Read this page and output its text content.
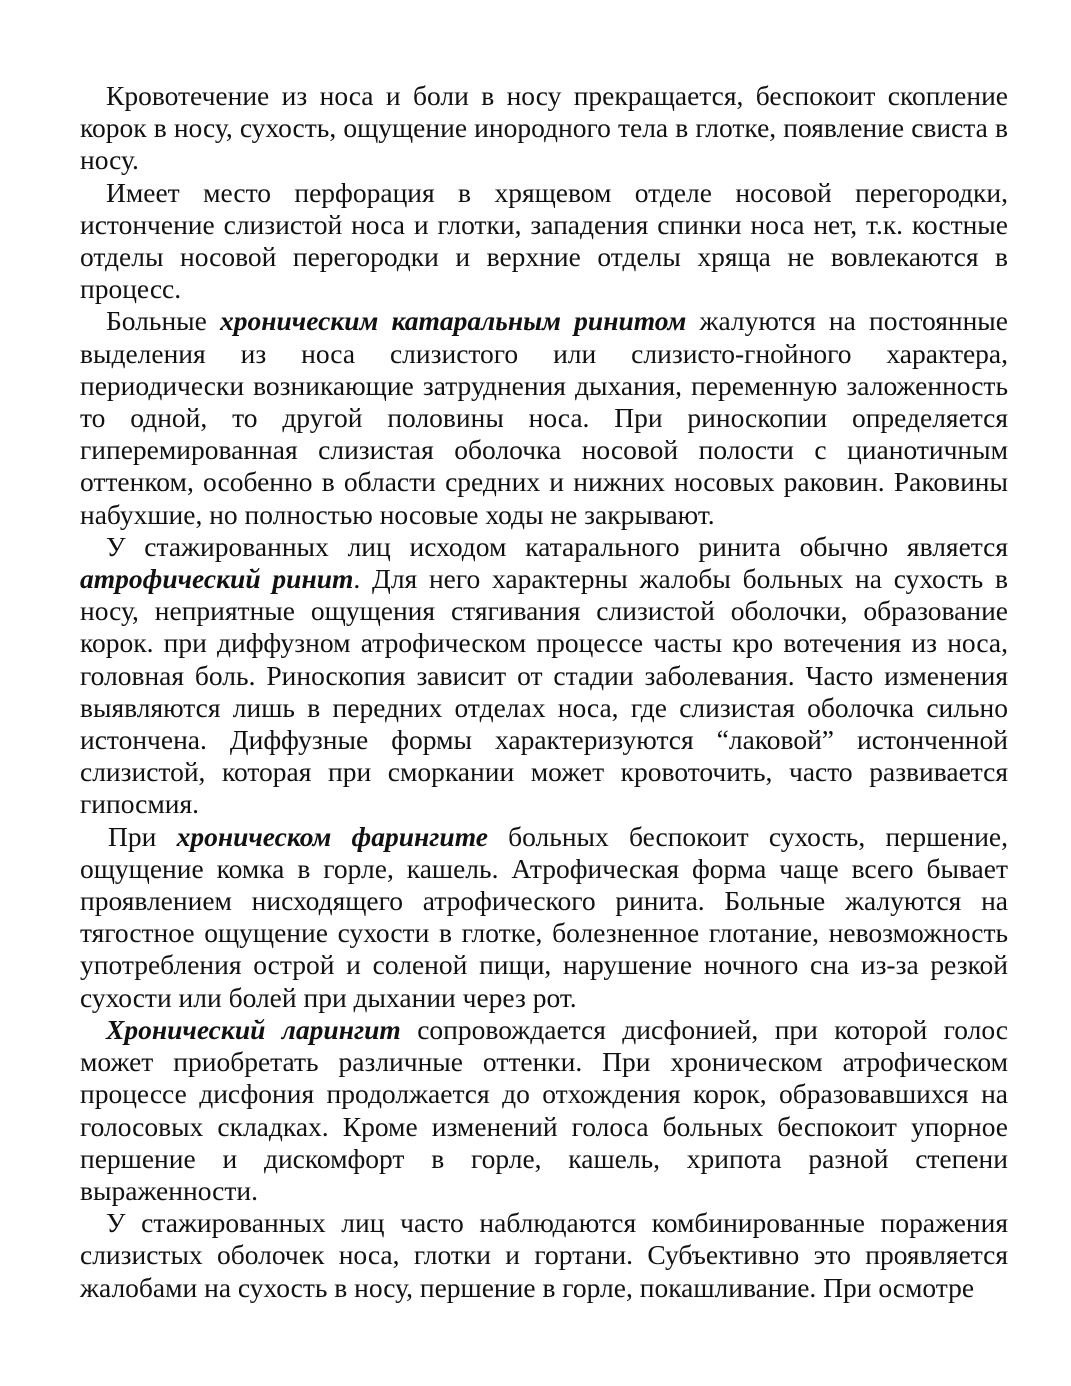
Кровотечение из носа и боли в носу прекращается, беспокоит скопление корок в носу, сухость, ощущение инородного тела в глотке, появление свиста в носу.

Имеет место перфорация в хрящевом отделе носовой перегородки, истончение слизистой носа и глотки, западения спинки носа нет, т.к. костные отделы носовой перегородки и верхние отделы хряща не вовлекаются в процесс.

Больные хроническим катаральным ринитом жалуются на постоянные выделения из носа слизистого или слизисто-гнойного характера, периодически возникающие затруднения дыхания, переменную заложенность то одной, то другой половины носа. При риноскопии определяется гиперемированная слизистая оболочка носовой полости с цианотичным оттенком, особенно в области средних и нижних носовых раковин. Раковины набухшие, но полностью носовые ходы не закрывают.

У стажированных лиц исходом катарального ринита обычно является атрофический ринит. Для него характерны жалобы больных на сухость в носу, неприятные ощущения стягивания слизистой оболочки, образование корок. при диффузном атрофическом процессе часты кро вотечения из носа, головная боль. Риноскопия зависит от стадии заболевания. Часто изменения выявляются лишь в передних отделах носа, где слизистая оболочка сильно истончена. Диффузные формы характеризуются “лаковой” истонченной слизистой, которая при сморкании может кровоточить, часто развивается гипосмия.

При хроническом фарингите больных беспокоит сухость, першение, ощущение комка в горле, кашель. Атрофическая форма чаще всего бывает проявлением нисходящего атрофического ринита. Больные жалуются на тягостное ощущение сухости в глотке, болезненное глотание, невозможность употребления острой и соленой пищи, нарушение ночного сна из-за резкой сухости или болей при дыхании через рот.

Хронический ларингит сопровождается дисфонией, при которой голос может приобретать различные оттенки. При хроническом атрофическом процессе дисфония продолжается до отхождения корок, образовавшихся на голосовых складках. Кроме изменений голоса больных беспокоит упорное першение и дискомфорт в горле, кашель, хрипота разной степени выраженности.

У стажированных лиц часто наблюдаются комбинированные поражения слизистых оболочек носа, глотки и гортани. Субъективно это проявляется жалобами на сухость в носу, першение в горле, покашливание. При осмотре
